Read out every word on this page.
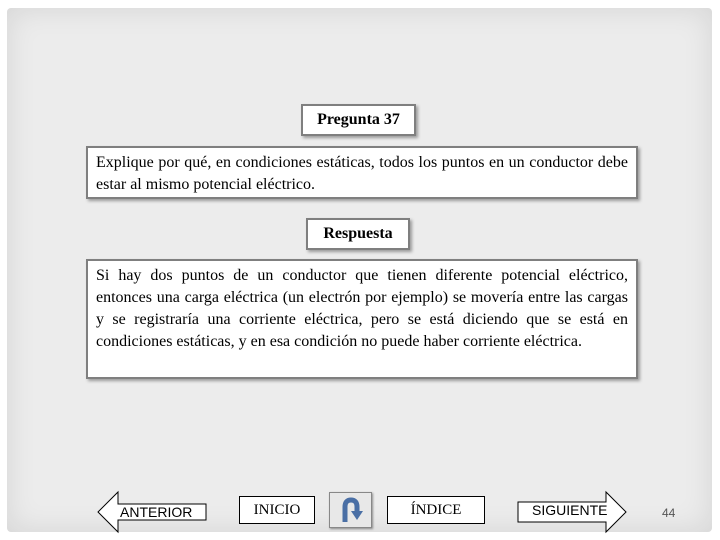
Pregunta 37
Explique por qué, en condiciones estáticas, todos los puntos en un conductor debe estar al mismo potencial eléctrico.
Respuesta
Si hay dos puntos de un conductor que tienen diferente potencial eléctrico, entonces una carga eléctrica (un electrón por ejemplo) se movería entre las cargas y se registraría una corriente eléctrica, pero se está diciendo que se está en condiciones estáticas, y en esa condición no puede haber corriente eléctrica.
ANTERIOR	INICIO	ÍNDICE	SIGUIENTE	44
